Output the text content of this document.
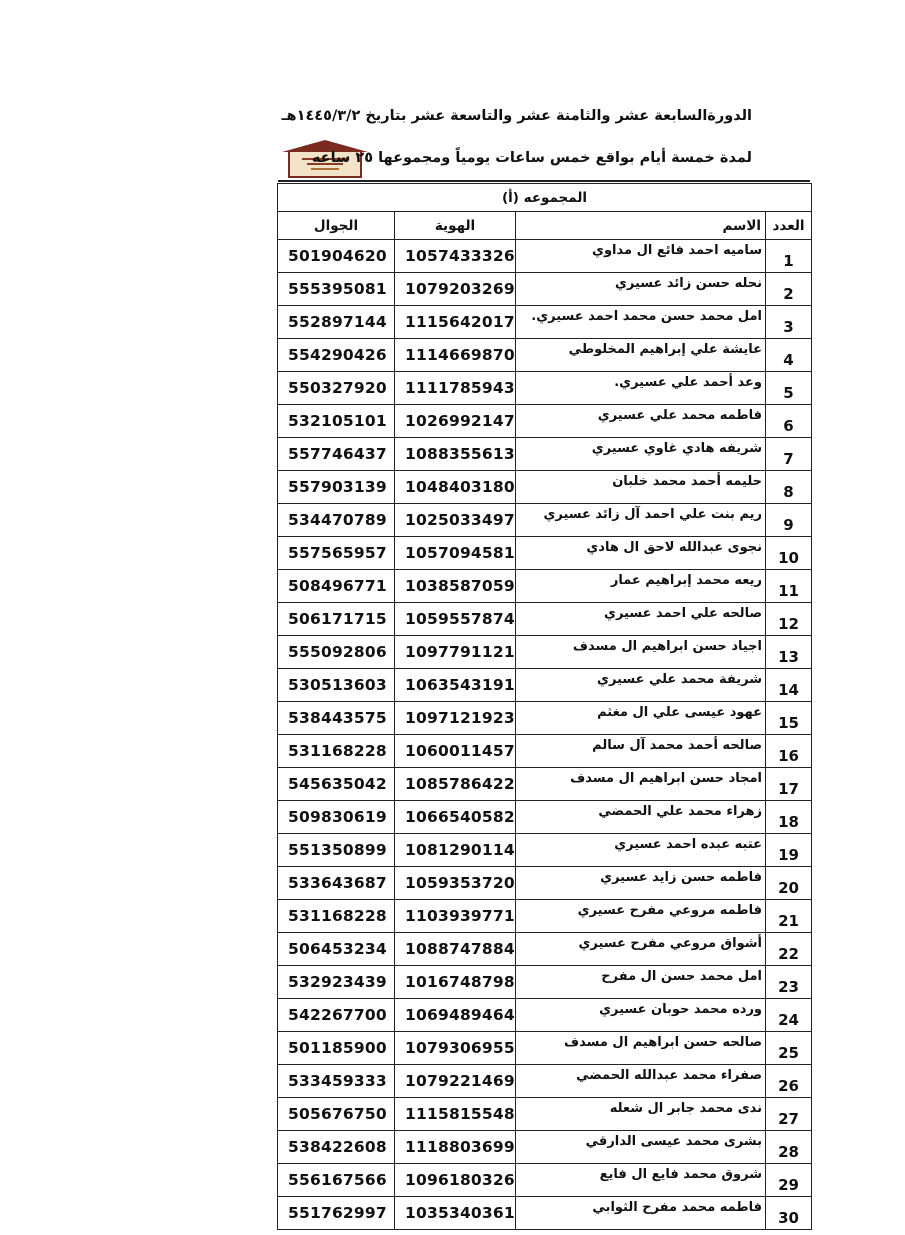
الدورةالسابعة عشر والثامنة عشر والتاسعة عشر بتاريخ ١٤٤٥/٣/٢هـ
لمدة خمسة أيام بواقع خمس ساعات يومياً ومجموعها ٢٥ ساعه
المجموعه (أ)			
العدد	الاسم	الهوية	الجوال
1	ساميه احمد فائع ال مداوي	1057433326	501904620
2	نحله حسن زائد عسيري	1079203269	555395081
3	امل محمد حسن محمد احمد عسيري.	1115642017	552897144
4	عايشة علي إبراهيم المخلوطي	1114669870	554290426
5	وعد أحمد علي عسيري.	1111785943	550327920
6	فاطمه محمد علي عسيري	1026992147	532105101
7	شريفه هادي غاوي عسيري	1088355613	557746437
8	حليمه أحمد محمد خلبان	1048403180	557903139
9	ريم بنت علي احمد آل زائد عسيري	1025033497	534470789
10	نجوى عبدالله لاحق ال هادي	1057094581	557565957
11	ريعه محمد إبراهيم عمار	1038587059	508496771
12	صالحه علي احمد عسيري	1059557874	506171715
13	اجياد حسن ابراهيم ال مسدف	1097791121	555092806
14	شريفة محمد علي عسيري	1063543191	530513603
15	عهود عيسى علي ال مغثم	1097121923	538443575
16	صالحه أحمد محمد آل سالم	1060011457	531168228
17	امجاد حسن ابراهيم ال مسدف	1085786422	545635042
18	زهراء محمد علي الحمضي	1066540582	509830619
19	عتبه عبده احمد عسيري	1081290114	551350899
20	فاطمه حسن زايد عسيري	1059353720	533643687
21	فاطمه مروعي مفرح عسيري	1103939771	531168228
22	أشواق مروعي مفرح عسيري	1088747884	506453234
23	امل محمد حسن ال مفرح	1016748798	532923439
24	ورده محمد حوبان عسيري	1069489464	542267700
25	صالحه حسن ابراهيم ال مسدف	1079306955	501185900
26	صفراء محمد عبدالله الحمضي	1079221469	533459333
27	ندى محمد جابر ال شعله	1115815548	505676750
28	بشرى محمد عيسى الدارقي	1118803699	538422608
29	شروق محمد فايع ال فايع	1096180326	556167566
30	فاطمه محمد مفرح الثوابي	1035340361	551762997
